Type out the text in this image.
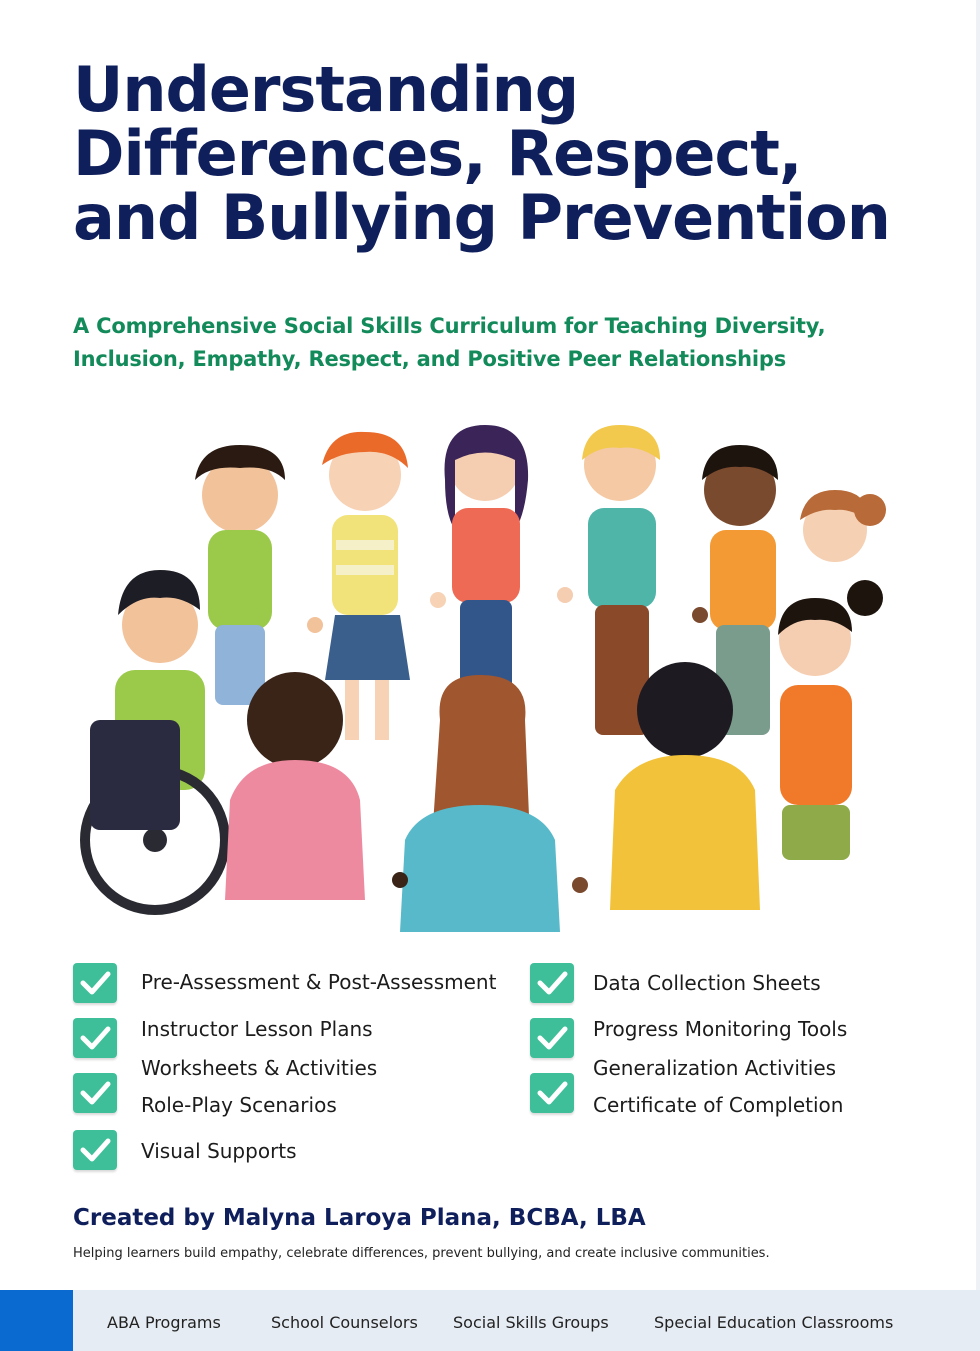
Understanding
Differences, Respect,
and Bullying Prevention
A Comprehensive Social Skills Curriculum for Teaching Diversity,
Inclusion, Empathy, Respect, and Positive Peer Relationships
Pre-Assessment & Post-Assessment
Instructor Lesson Plans
Worksheets & Activities
Role-Play Scenarios
Visual Supports
Data Collection Sheets
Progress Monitoring Tools
Generalization Activities
Certificate of Completion
Created by Malyna Laroya Plana, BCBA, LBA
Helping learners build empathy, celebrate differences, prevent bullying, and create inclusive communities.
ABA Programs	School Counselors Social Skills Groups	Special Education Classrooms
